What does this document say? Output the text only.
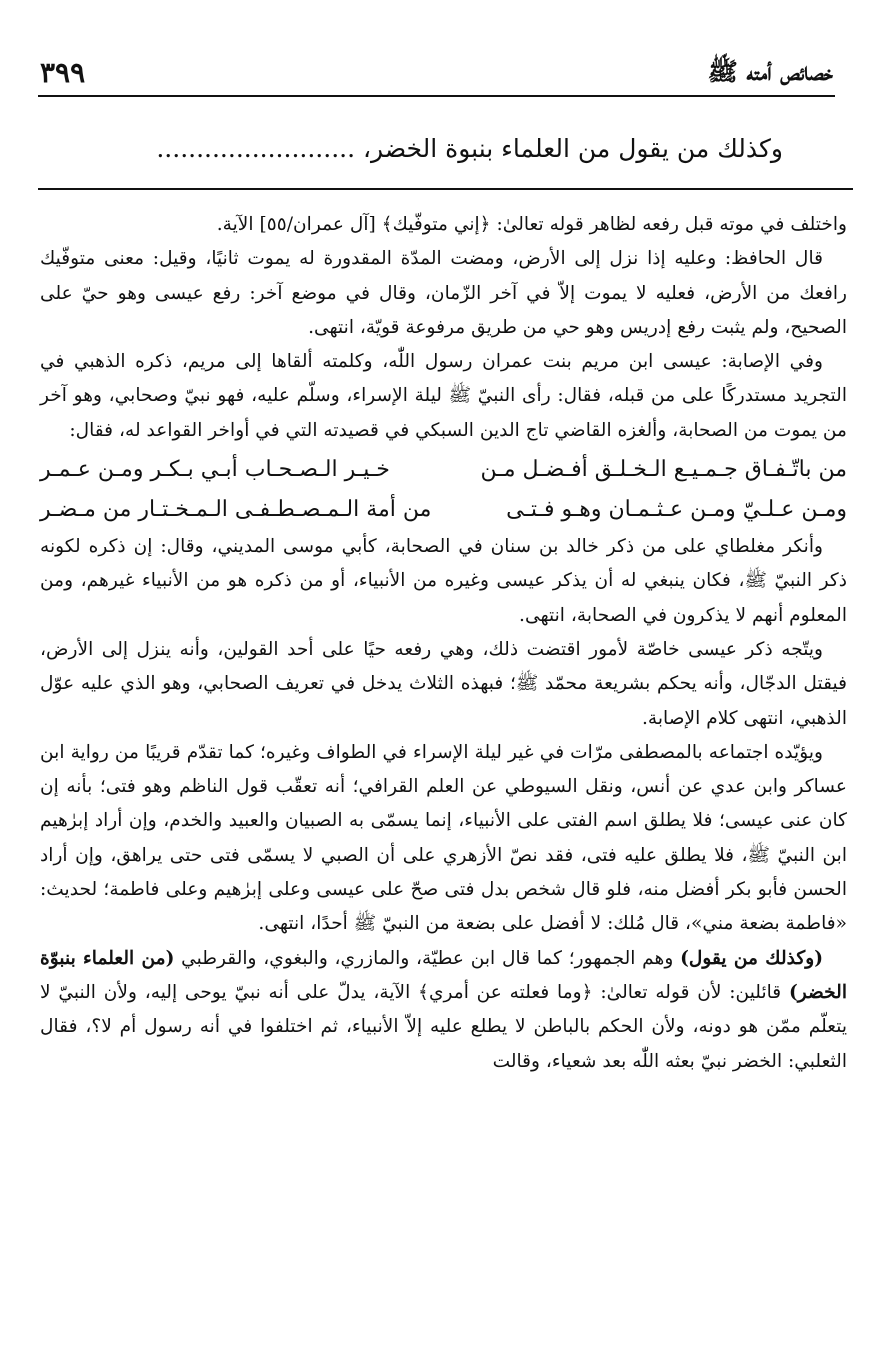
خصائص أمته ﷺ
٣٩٩
وكذلك من يقول من العلماء بنبوة الخضر، .........................

واختلف في موته قبل رفعه لظاهر قوله تعالىٰ: ﴿إني متوفّيك﴾ [آل عمران/٥٥] الآية.

قال الحافظ: وعليه إذا نزل إلى الأرض، ومضت المدّة المقدورة له يموت ثانيًا، وقيل: معنى متوفّيك رافعك من الأرض، فعليه لا يموت إلاّ في آخر الزّمان، وقال في موضع آخر: رفع عيسى وهو حيّ على الصحيح، ولم يثبت رفع إدريس وهو حي من طريق مرفوعة قويّة، انتهى.

وفي الإصابة: عيسى ابن مريم بنت عمران رسول اللّٰه، وكلمته ألقاها إلى مريم، ذكره الذهبي في التجريد مستدركًا على من قبله، فقال: رأى النبيّ ﷺ ليلة الإسراء، وسلّم عليه، فهو نبيّ وصحابي، وهو آخر من يموت من الصحابة، وألغزه القاضي تاج الدين السبكي في قصيدته التي في أواخر القواعد له، فقال:

من باتّـفـاق جـمـيـع الـخـلـق أفـضـل مـن
خـيـر الـصـحـاب أبـي بـكـر ومـن عـمـر
ومـن عـلـيّ ومـن عـثـمـان وهـو فـتـى
من أمة الـمـصـطـفـى الـمـخـتـار من مـضـر

وأنكر مغلطاي على من ذكر خالد بن سنان في الصحابة، كأبي موسى المديني، وقال: إن ذكره لكونه ذكر النبيّ ﷺ، فكان ينبغي له أن يذكر عيسى وغيره من الأنبياء، أو من ذكره هو من الأنبياء غيرهم، ومن المعلوم أنهم لا يذكرون في الصحابة، انتهى.

ويتّجه ذكر عيسى خاصّة لأمور اقتضت ذلك، وهي رفعه حيًا على أحد القولين، وأنه ينزل إلى الأرض، فيقتل الدجّال، وأنه يحكم بشريعة محمّد ﷺ؛ فبهذه الثلاث يدخل في تعريف الصحابي، وهو الذي عليه عوّل الذهبي، انتهى كلام الإصابة.

ويؤيّده اجتماعه بالمصطفى مرّات في غير ليلة الإسراء في الطواف وغيره؛ كما تقدّم قريبًا من رواية ابن عساكر وابن عدي عن أنس، ونقل السيوطي عن العلم القرافي؛ أنه تعقّب قول الناظم وهو فتى؛ بأنه إن كان عنى عيسى؛ فلا يطلق اسم الفتى على الأنبياء، إنما يسمّى به الصبيان والعبيد والخدم، وإن أراد إبرٰهيم ابن النبيّ ﷺ، فلا يطلق عليه فتى، فقد نصّ الأزهري على أن الصبي لا يسمّى فتى حتى يراهق، وإن أراد الحسن فأبو بكر أفضل منه، فلو قال شخص بدل فتى صحّ على عيسى وعلى إبرٰهيم وعلى فاطمة؛ لحديث: «فاطمة بضعة مني»، قال مُلك: لا أفضل على بضعة من النبيّ ﷺ أحدًا، انتهى.

(وكذلك من يقول) وهم الجمهور؛ كما قال ابن عطيّة، والمازري، والبغوي، والقرطبي (من العلماء بنبوّة الخضر) قائلين: لأن قوله تعالىٰ: ﴿وما فعلته عن أمري﴾ الآية، يدلّ على أنه نبيّ يوحى إليه، ولأن النبيّ لا يتعلّم ممّن هو دونه، ولأن الحكم بالباطن لا يطلع عليه إلاّ الأنبياء، ثم اختلفوا في أنه رسول أم لا؟، فقال الثعلبي: الخضر نبيّ بعثه اللّٰه بعد شعياء، وقالت
